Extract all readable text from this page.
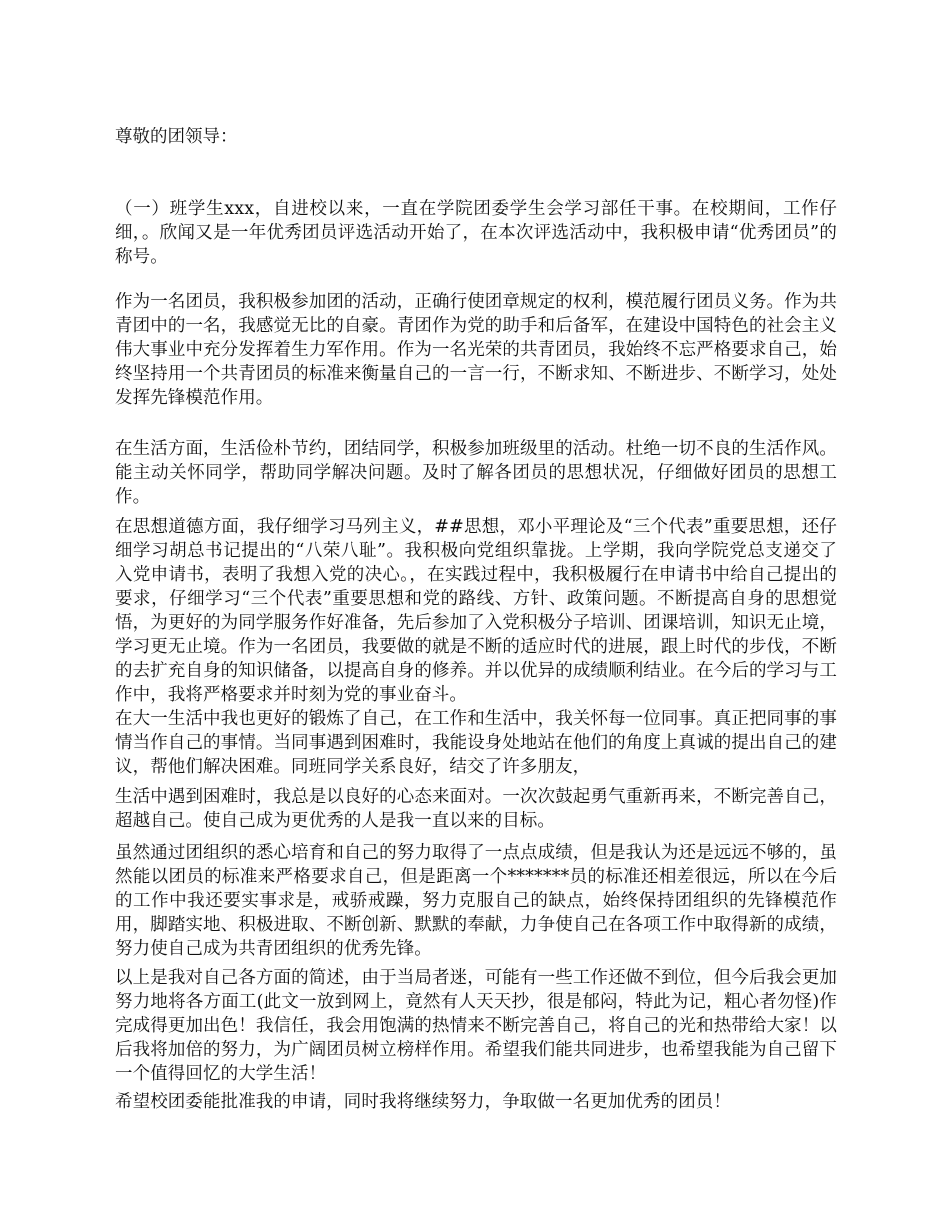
尊敬的团领导：

（一）班学生xxx，自进校以来，一直在学院团委学生会学习部任干事。在校期间，工作仔细，。欣闻又是一年优秀团员评选活动开始了，在本次评选活动中，我积极申请“优秀团员”的称号。

作为一名团员，我积极参加团的活动，正确行使团章规定的权利，模范履行团员义务。作为共青团中的一名，我感觉无比的自豪。青团作为党的助手和后备军，在建设中国特色的社会主义伟大事业中充分发挥着生力军作用。作为一名光荣的共青团员，我始终不忘严格要求自己，始终坚持用一个共青团员的标准来衡量自己的一言一行，不断求知、不断进步、不断学习，处处发挥先锋模范作用。

在生活方面，生活俭朴节约，团结同学，积极参加班级里的活动。杜绝一切不良的生活作风。能主动关怀同学，帮助同学解决问题。及时了解各团员的思想状况，仔细做好团员的思想工作。

在思想道德方面，我仔细学习马列主义，##思想，邓小平理论及“三个代表”重要思想，还仔细学习胡总书记提出的“八荣八耻”。我积极向党组织靠拢。上学期，我向学院党总支递交了入党申请书，表明了我想入党的决心。，在实践过程中，我积极履行在申请书中给自己提出的要求，仔细学习“三个代表”重要思想和党的路线、方针、政策问题。不断提高自身的思想觉悟，为更好的为同学服务作好准备，先后参加了入党积极分子培训、团课培训，知识无止境，学习更无止境。作为一名团员，我要做的就是不断的适应时代的进展，跟上时代的步伐，不断的去扩充自身的知识储备，以提高自身的修养。并以优异的成绩顺利结业。在今后的学习与工作中，我将严格要求并时刻为党的事业奋斗。

在大一生活中我也更好的锻炼了自己，在工作和生活中，我关怀每一位同事。真正把同事的事情当作自己的事情。当同事遇到困难时，我能设身处地站在他们的角度上真诚的提出自己的建议，帮他们解决困难。同班同学关系良好，结交了许多朋友，

生活中遇到困难时，我总是以良好的心态来面对。一次次鼓起勇气重新再来，不断完善自己，超越自己。使自己成为更优秀的人是我一直以来的目标。

虽然通过团组织的悉心培育和自己的努力取得了一点点成绩，但是我认为还是远远不够的，虽然能以团员的标准来严格要求自己，但是距离一个*******员的标准还相差很远，所以在今后的工作中我还要实事求是，戒骄戒躁，努力克服自己的缺点，始终保持团组织的先锋模范作用，脚踏实地、积极进取、不断创新、默默的奉献，力争使自己在各项工作中取得新的成绩，努力使自己成为共青团组织的优秀先锋。

以上是我对自己各方面的简述，由于当局者迷，可能有一些工作还做不到位，但今后我会更加努力地将各方面工(此文一放到网上，竟然有人天天抄，很是郁闷，特此为记，粗心者勿怪)作完成得更加出色！我信任，我会用饱满的热情来不断完善自己，将自己的光和热带给大家！以后我将加倍的努力，为广阔团员树立榜样作用。希望我们能共同进步，也希望我能为自己留下一个值得回忆的大学生活！

希望校团委能批准我的申请，同时我将继续努力，争取做一名更加优秀的团员！
